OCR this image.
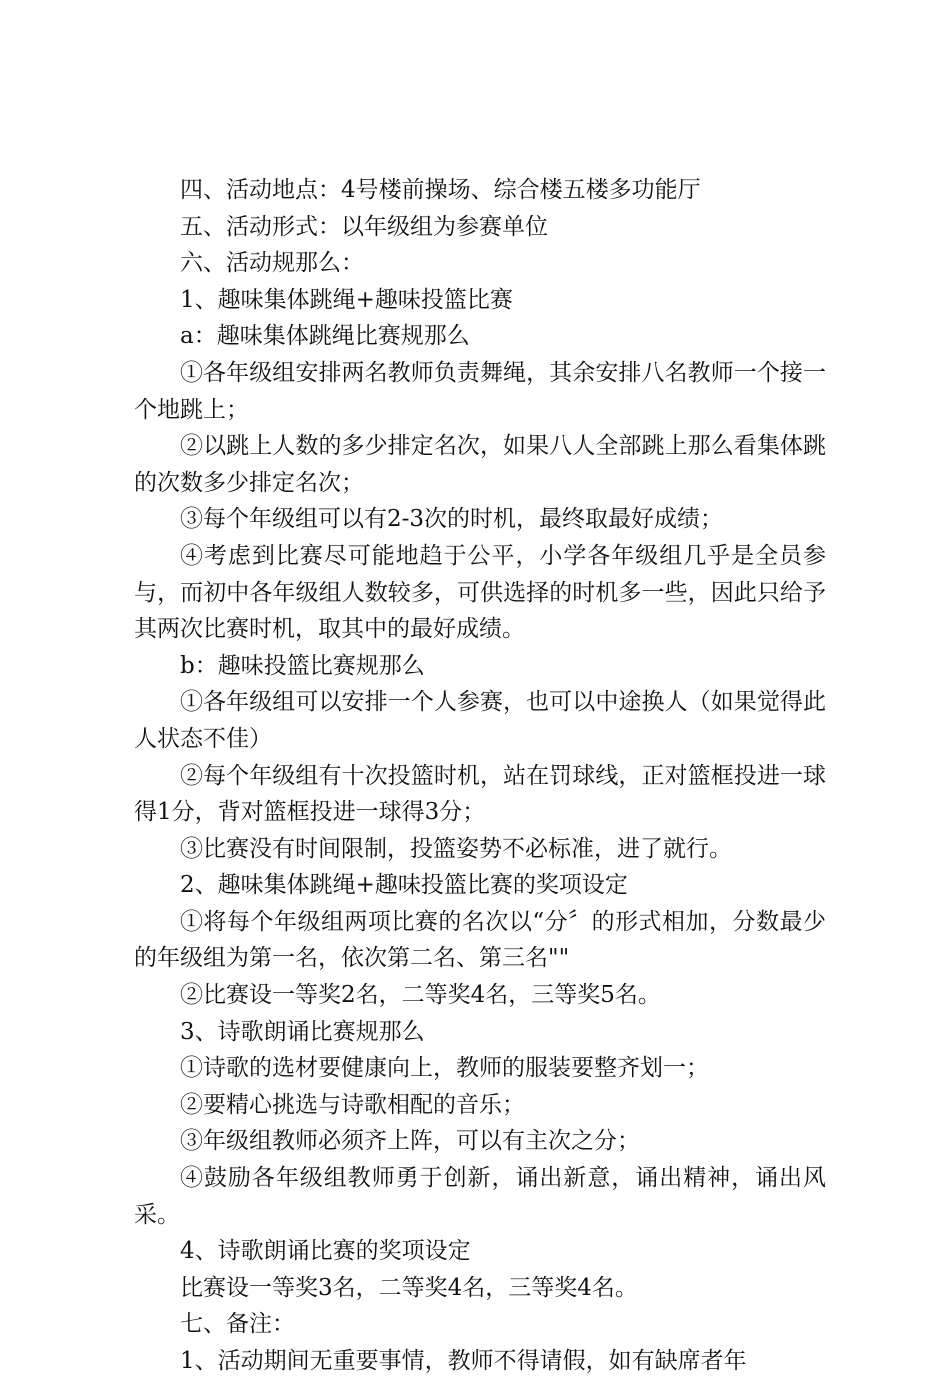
四、活动地点：4号楼前操场、综合楼五楼多功能厅

五、活动形式：以年级组为参赛单位

六、活动规那么：

1、趣味集体跳绳+趣味投篮比赛

a：趣味集体跳绳比赛规那么

①各年级组安排两名教师负责舞绳，其余安排八名教师一个接一个地跳上；

②以跳上人数的多少排定名次，如果八人全部跳上那么看集体跳的次数多少排定名次；

③每个年级组可以有2-3次的时机，最终取最好成绩；

④考虑到比赛尽可能地趋于公平，小学各年级组几乎是全员参与，而初中各年级组人数较多，可供选择的时机多一些，因此只给予其两次比赛时机，取其中的最好成绩。

b：趣味投篮比赛规那么

①各年级组可以安排一个人参赛，也可以中途换人（如果觉得此人状态不佳）

②每个年级组有十次投篮时机，站在罚球线，正对篮框投进一球得1分，背对篮框投进一球得3分；

③比赛没有时间限制，投篮姿势不必标准，进了就行。

2、趣味集体跳绳+趣味投篮比赛的奖项设定

①将每个年级组两项比赛的名次以“分〞的形式相加，分数最少的年级组为第一名，依次第二名、第三名""

②比赛设一等奖2名，二等奖4名，三等奖5名。

3、诗歌朗诵比赛规那么

①诗歌的选材要健康向上，教师的服装要整齐划一；

②要精心挑选与诗歌相配的音乐；

③年级组教师必须齐上阵，可以有主次之分；

④鼓励各年级组教师勇于创新，诵出新意，诵出精神，诵出风采。

4、诗歌朗诵比赛的奖项设定

比赛设一等奖3名，二等奖4名，三等奖4名。

七、备注：

1、活动期间无重要事情，教师不得请假，如有缺席者年
